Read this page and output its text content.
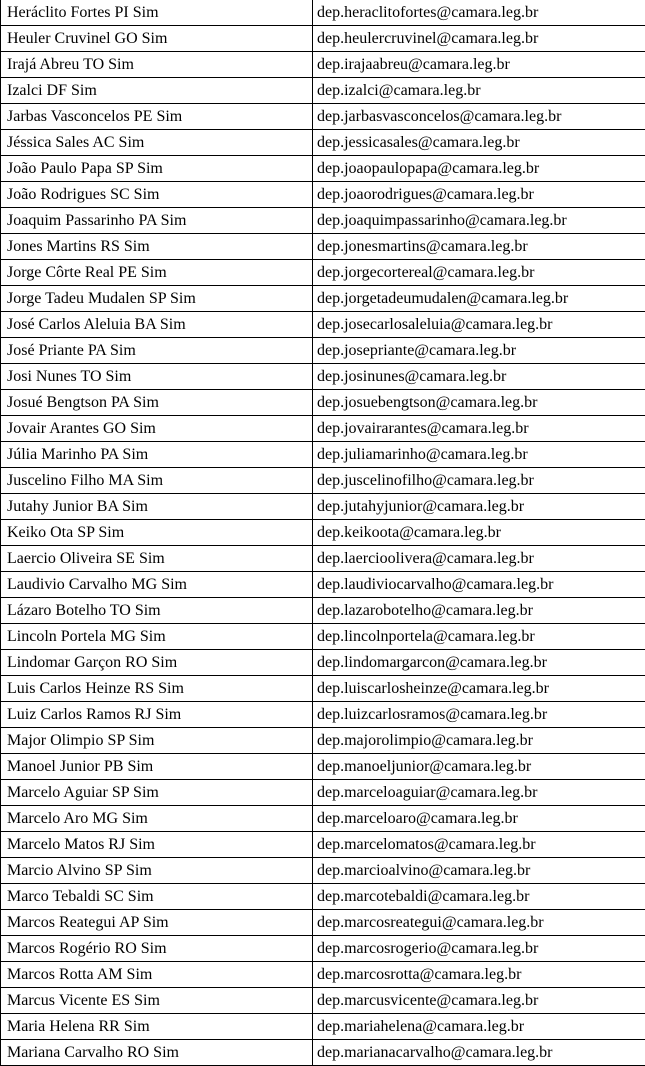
Heráclito Fortes PI Sim	dep.heraclitofortes@camara.leg.br
Heuler Cruvinel GO Sim	dep.heulercruvinel@camara.leg.br
Irajá Abreu TO Sim	dep.irajaabreu@camara.leg.br
Izalci DF Sim	dep.izalci@camara.leg.br
Jarbas Vasconcelos PE Sim	dep.jarbasvasconcelos@camara.leg.br
Jéssica Sales AC Sim	dep.jessicasales@camara.leg.br
João Paulo Papa SP Sim	dep.joaopaulopapa@camara.leg.br
João Rodrigues SC Sim	dep.joaorodrigues@camara.leg.br
Joaquim Passarinho PA Sim	dep.joaquimpassarinho@camara.leg.br
Jones Martins RS Sim	dep.jonesmartins@camara.leg.br
Jorge Côrte Real PE Sim	dep.jorgecortereal@camara.leg.br
Jorge Tadeu Mudalen SP Sim	dep.jorgetadeumudalen@camara.leg.br
José Carlos Aleluia BA Sim	dep.josecarlosaleluia@camara.leg.br
José Priante PA Sim	dep.josepriante@camara.leg.br
Josi Nunes TO Sim	dep.josinunes@camara.leg.br
Josué Bengtson PA Sim	dep.josuebengtson@camara.leg.br
Jovair Arantes GO Sim	dep.jovairarantes@camara.leg.br
Júlia Marinho PA Sim	dep.juliamarinho@camara.leg.br
Juscelino Filho MA Sim	dep.juscelinofilho@camara.leg.br
Jutahy Junior BA Sim	dep.jutahyjunior@camara.leg.br
Keiko Ota SP Sim	dep.keikoota@camara.leg.br
Laercio Oliveira SE Sim	dep.laercioolivera@camara.leg.br
Laudivio Carvalho MG Sim	dep.laudiviocarvalho@camara.leg.br
Lázaro Botelho TO Sim	dep.lazarobotelho@camara.leg.br
Lincoln Portela MG Sim	dep.lincolnportela@camara.leg.br
Lindomar Garçon RO Sim	dep.lindomargarcon@camara.leg.br
Luis Carlos Heinze RS Sim	dep.luiscarlosheinze@camara.leg.br
Luiz Carlos Ramos RJ Sim	dep.luizcarlosramos@camara.leg.br
Major Olimpio SP Sim	dep.majorolimpio@camara.leg.br
Manoel Junior PB Sim	dep.manoeljunior@camara.leg.br
Marcelo Aguiar SP Sim	dep.marceloaguiar@camara.leg.br
Marcelo Aro MG Sim	dep.marceloaro@camara.leg.br
Marcelo Matos RJ Sim	dep.marcelomatos@camara.leg.br
Marcio Alvino SP Sim	dep.marcioalvino@camara.leg.br
Marco Tebaldi SC Sim	dep.marcotebaldi@camara.leg.br
Marcos Reategui AP Sim	dep.marcosreategui@camara.leg.br
Marcos Rogério RO Sim	dep.marcosrogerio@camara.leg.br
Marcos Rotta AM Sim	dep.marcosrotta@camara.leg.br
Marcus Vicente ES Sim	dep.marcusvicente@camara.leg.br
Maria Helena RR Sim	dep.mariahelena@camara.leg.br
Mariana Carvalho RO Sim	dep.marianacarvalho@camara.leg.br
